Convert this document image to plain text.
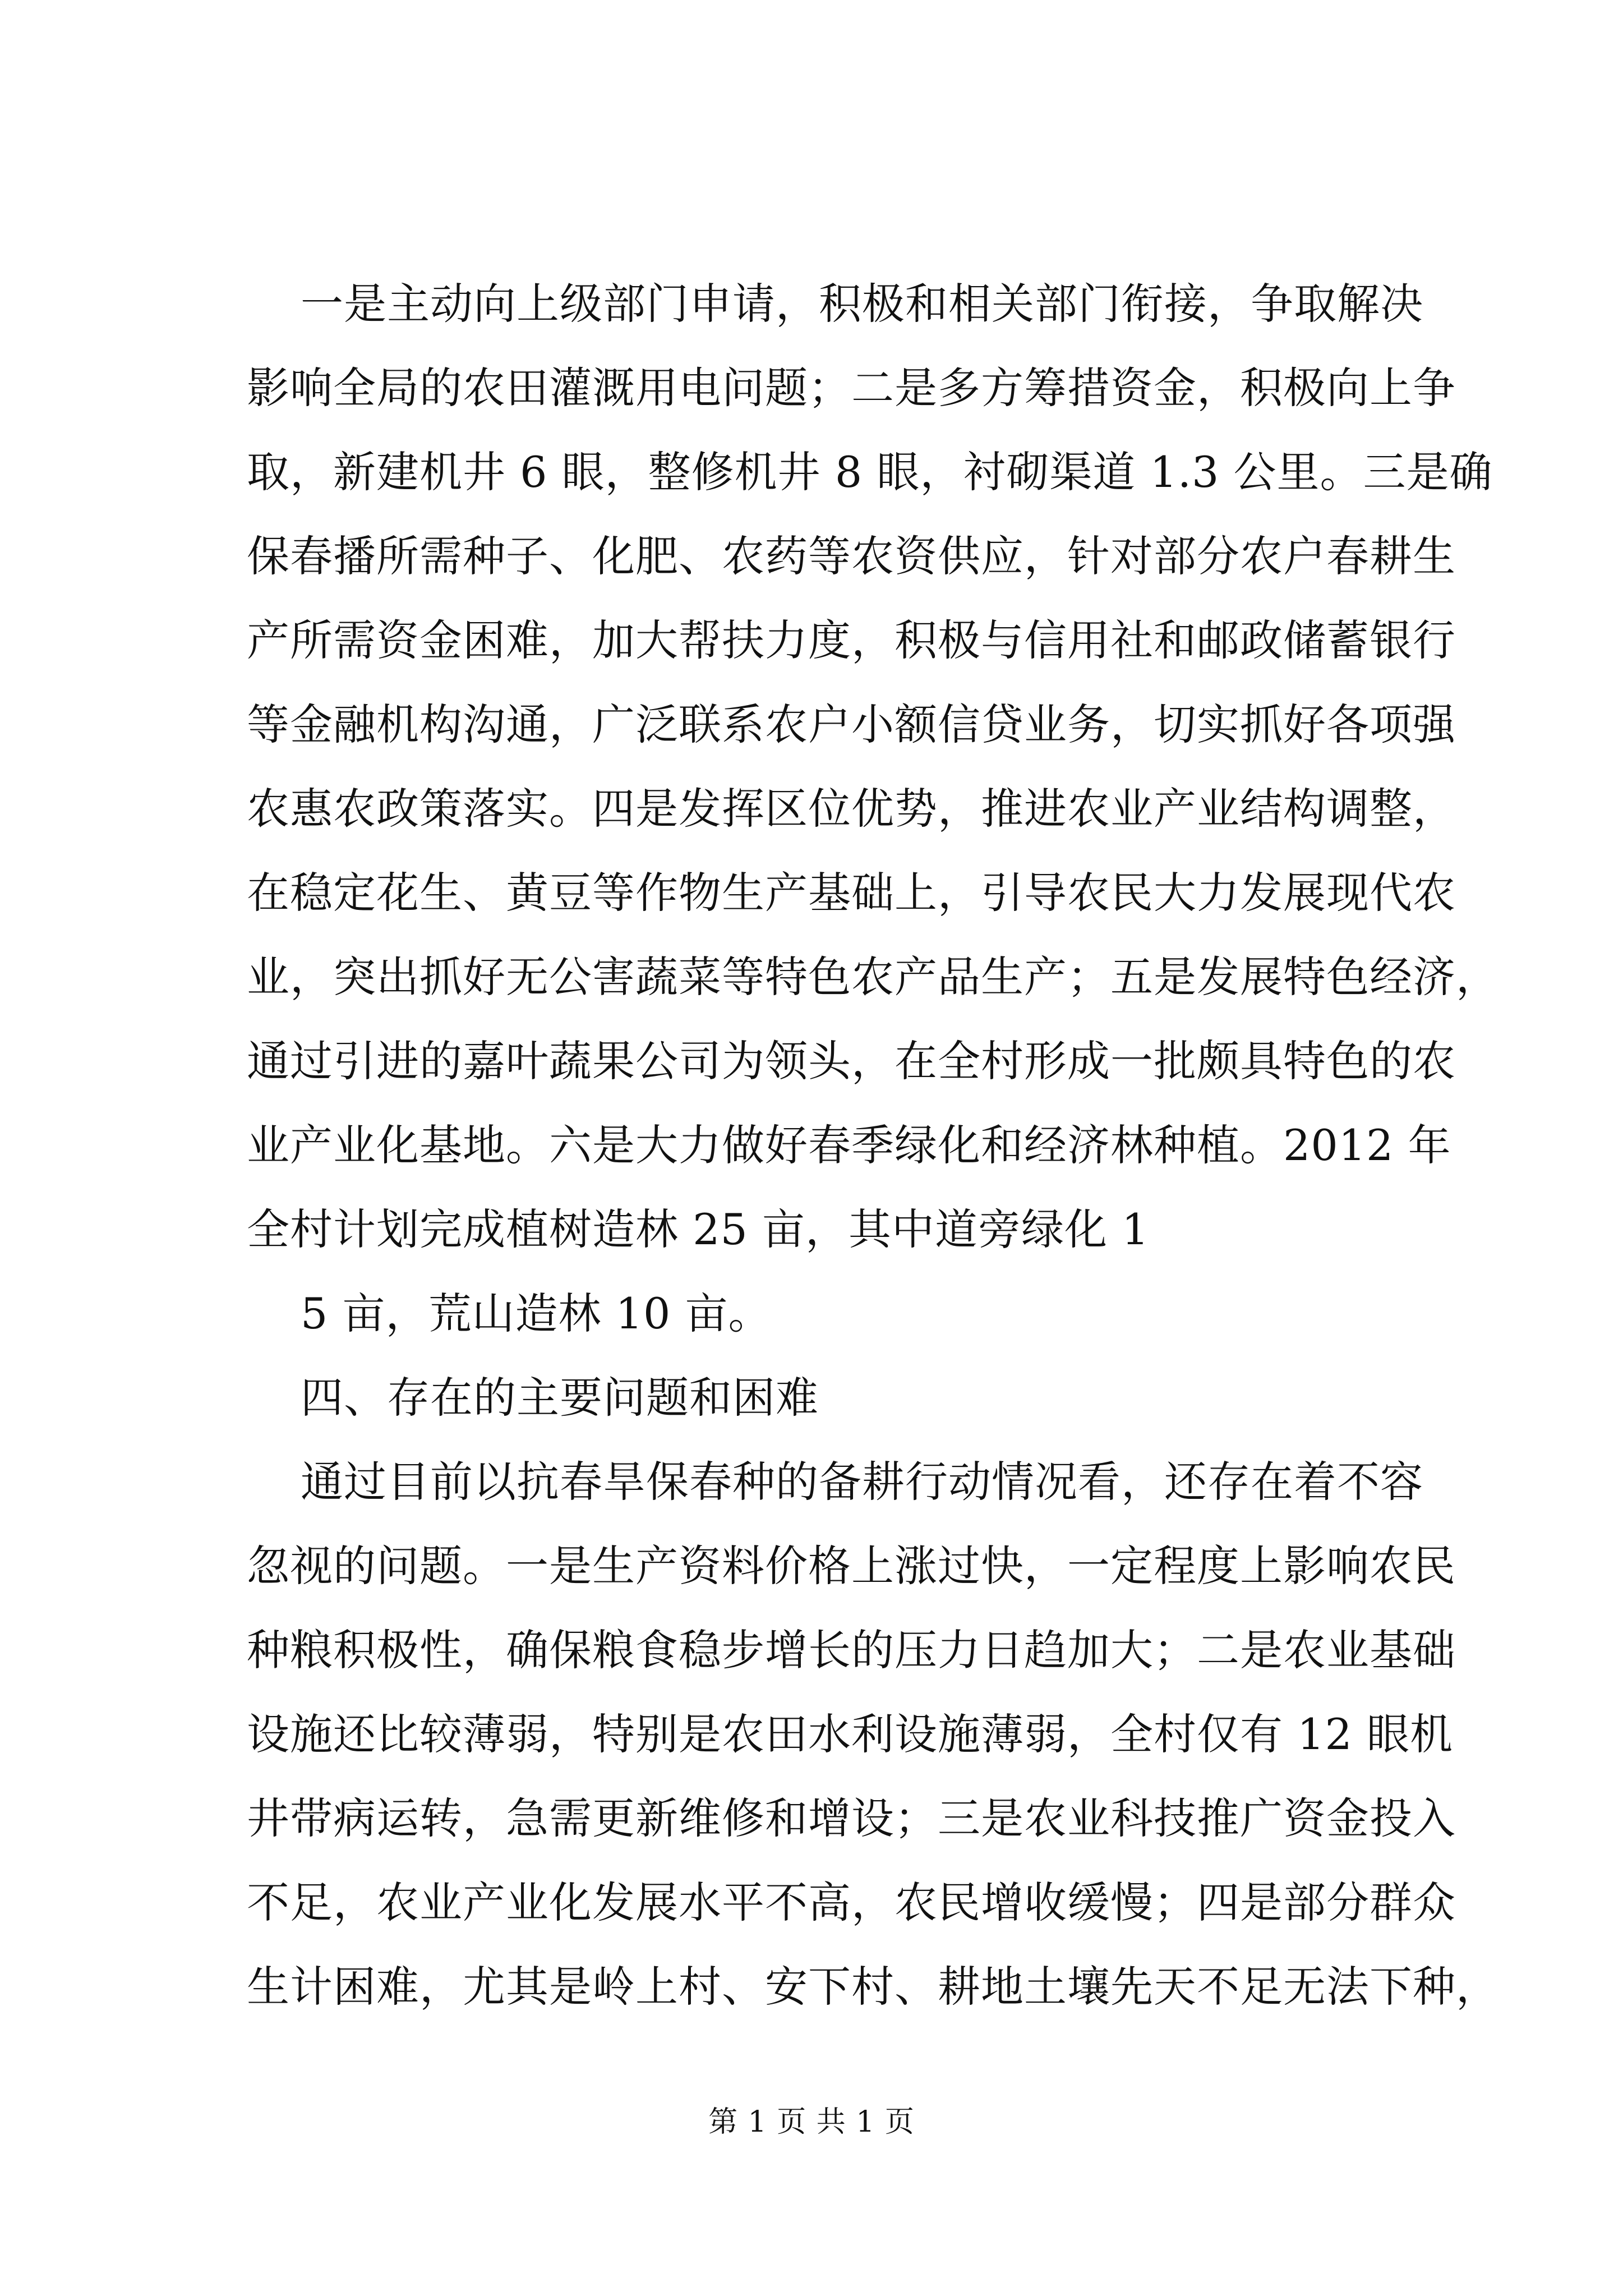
一是主动向上级部门申请，积极和相关部门衔接，争取解决
影响全局的农田灌溉用电问题；二是多方筹措资金，积极向上争
取，新建机井 6 眼，整修机井 8 眼，衬砌渠道 1.3 公里。三是确
保春播所需种子、化肥、农药等农资供应，针对部分农户春耕生
产所需资金困难，加大帮扶力度，积极与信用社和邮政储蓄银行
等金融机构沟通，广泛联系农户小额信贷业务，切实抓好各项强
农惠农政策落实。四是发挥区位优势，推进农业产业结构调整，
在稳定花生、黄豆等作物生产基础上，引导农民大力发展现代农
业，突出抓好无公害蔬菜等特色农产品生产；五是发展特色经济，
通过引进的嘉叶蔬果公司为领头，在全村形成一批颇具特色的农
业产业化基地。六是大力做好春季绿化和经济林种植。2012 年
全村计划完成植树造林 25 亩，其中道旁绿化 1
5 亩，荒山造林 10 亩。
四、存在的主要问题和困难
通过目前以抗春旱保春种的备耕行动情况看，还存在着不容
忽视的问题。一是生产资料价格上涨过快，一定程度上影响农民
种粮积极性，确保粮食稳步增长的压力日趋加大；二是农业基础
设施还比较薄弱，特别是农田水利设施薄弱，全村仅有 12 眼机
井带病运转，急需更新维修和增设；三是农业科技推广资金投入
不足，农业产业化发展水平不高，农民增收缓慢；四是部分群众
生计困难，尤其是岭上村、安下村、耕地土壤先天不足无法下种，
第 1 页 共 1 页
